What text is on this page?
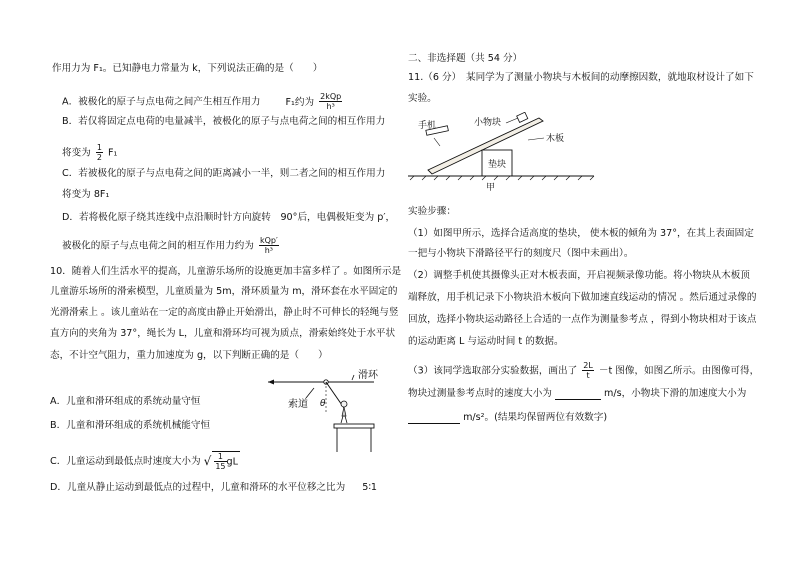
作用力为 F₁。已知静电力常量为 k，下列说法正确的是（　　）
A．被极化的原子与点电荷之间产生相互作用力	F₁约为 $\frac{\text{2kQp}}{\text{h³}}$
B．若仅将固定点电荷的电量减半，被极化的原子与点电荷之间的相互作用力
将变为 $\frac{1}{2} F_1$
C．若被极化的原子与点电荷之间的距离减小一半，则二者之间的相互作用力
将变为 8F₁
D．若将极化原子绕其连线中点沿顺时针方向旋转　90°后，电偶极矩变为 p′，
被极化的原子与点电荷之间的相互作用力约为 $\frac{\text{kQp′}}{\text{h³}}$
10．随着人们生活水平的提高，儿童游乐场所的设施更加丰富多样了 。如图所示是
儿童游乐场所的滑索模型，儿童质量为 5m，滑环质量为 m，滑环套在水平固定的
光滑滑索上 。该儿童站在一定的高度由静止开始滑出，静止时不可伸长的轻绳与竖
直方向的夹角为 37°，绳长为 L，儿童和滑环均可视为质点，滑索始终处于水平状
态，不计空气阻力，重力加速度为 g，以下判断正确的是（　　）
滑环
索道 θ
A．儿童和滑环组成的系统动量守恒
B．儿童和滑环组成的系统机械能守恒
C．儿童运动到最低点时速度大小为 √ $\frac{1}{15}$ gL
D．儿童从静止运动到最低点的过程中，儿童和滑环的水平位移之比为 5∶1
二、非选择题（共 54 分）
11.（6 分）　某同学为了测量小物块与木板间的动摩擦因数，就地取材设计了如下
实验。
手机	小物块
木板
垫块
甲
实验步骤：
（1）如图甲所示，选择合适高度的垫块， 使木板的倾角为 37°，在其上表面固定
一把与小物块下滑路径平行的刻度尺（图中未画出）。
（2）调整手机使其摄像头正对木板表面，开启视频录像功能。将小物块从木板顶
端释放，用手机记录下小物块沿木板向下做加速直线运动的情况 。然后通过录像的
回放，选择小物块运动路径上合适的一点作为测量参考点 ，得到小物块相对于该点
的运动距离 L 与运动时间 t 的数据。
（3）该同学选取部分实验数据，画出了 $\frac{2L}{t} -t$ 图像，如图乙所示。由图像可得，
物块过测量参考点时的速度大小为	m/s，小物块下滑的加速度大小为
m/s²。(结果均保留两位有效数字)
